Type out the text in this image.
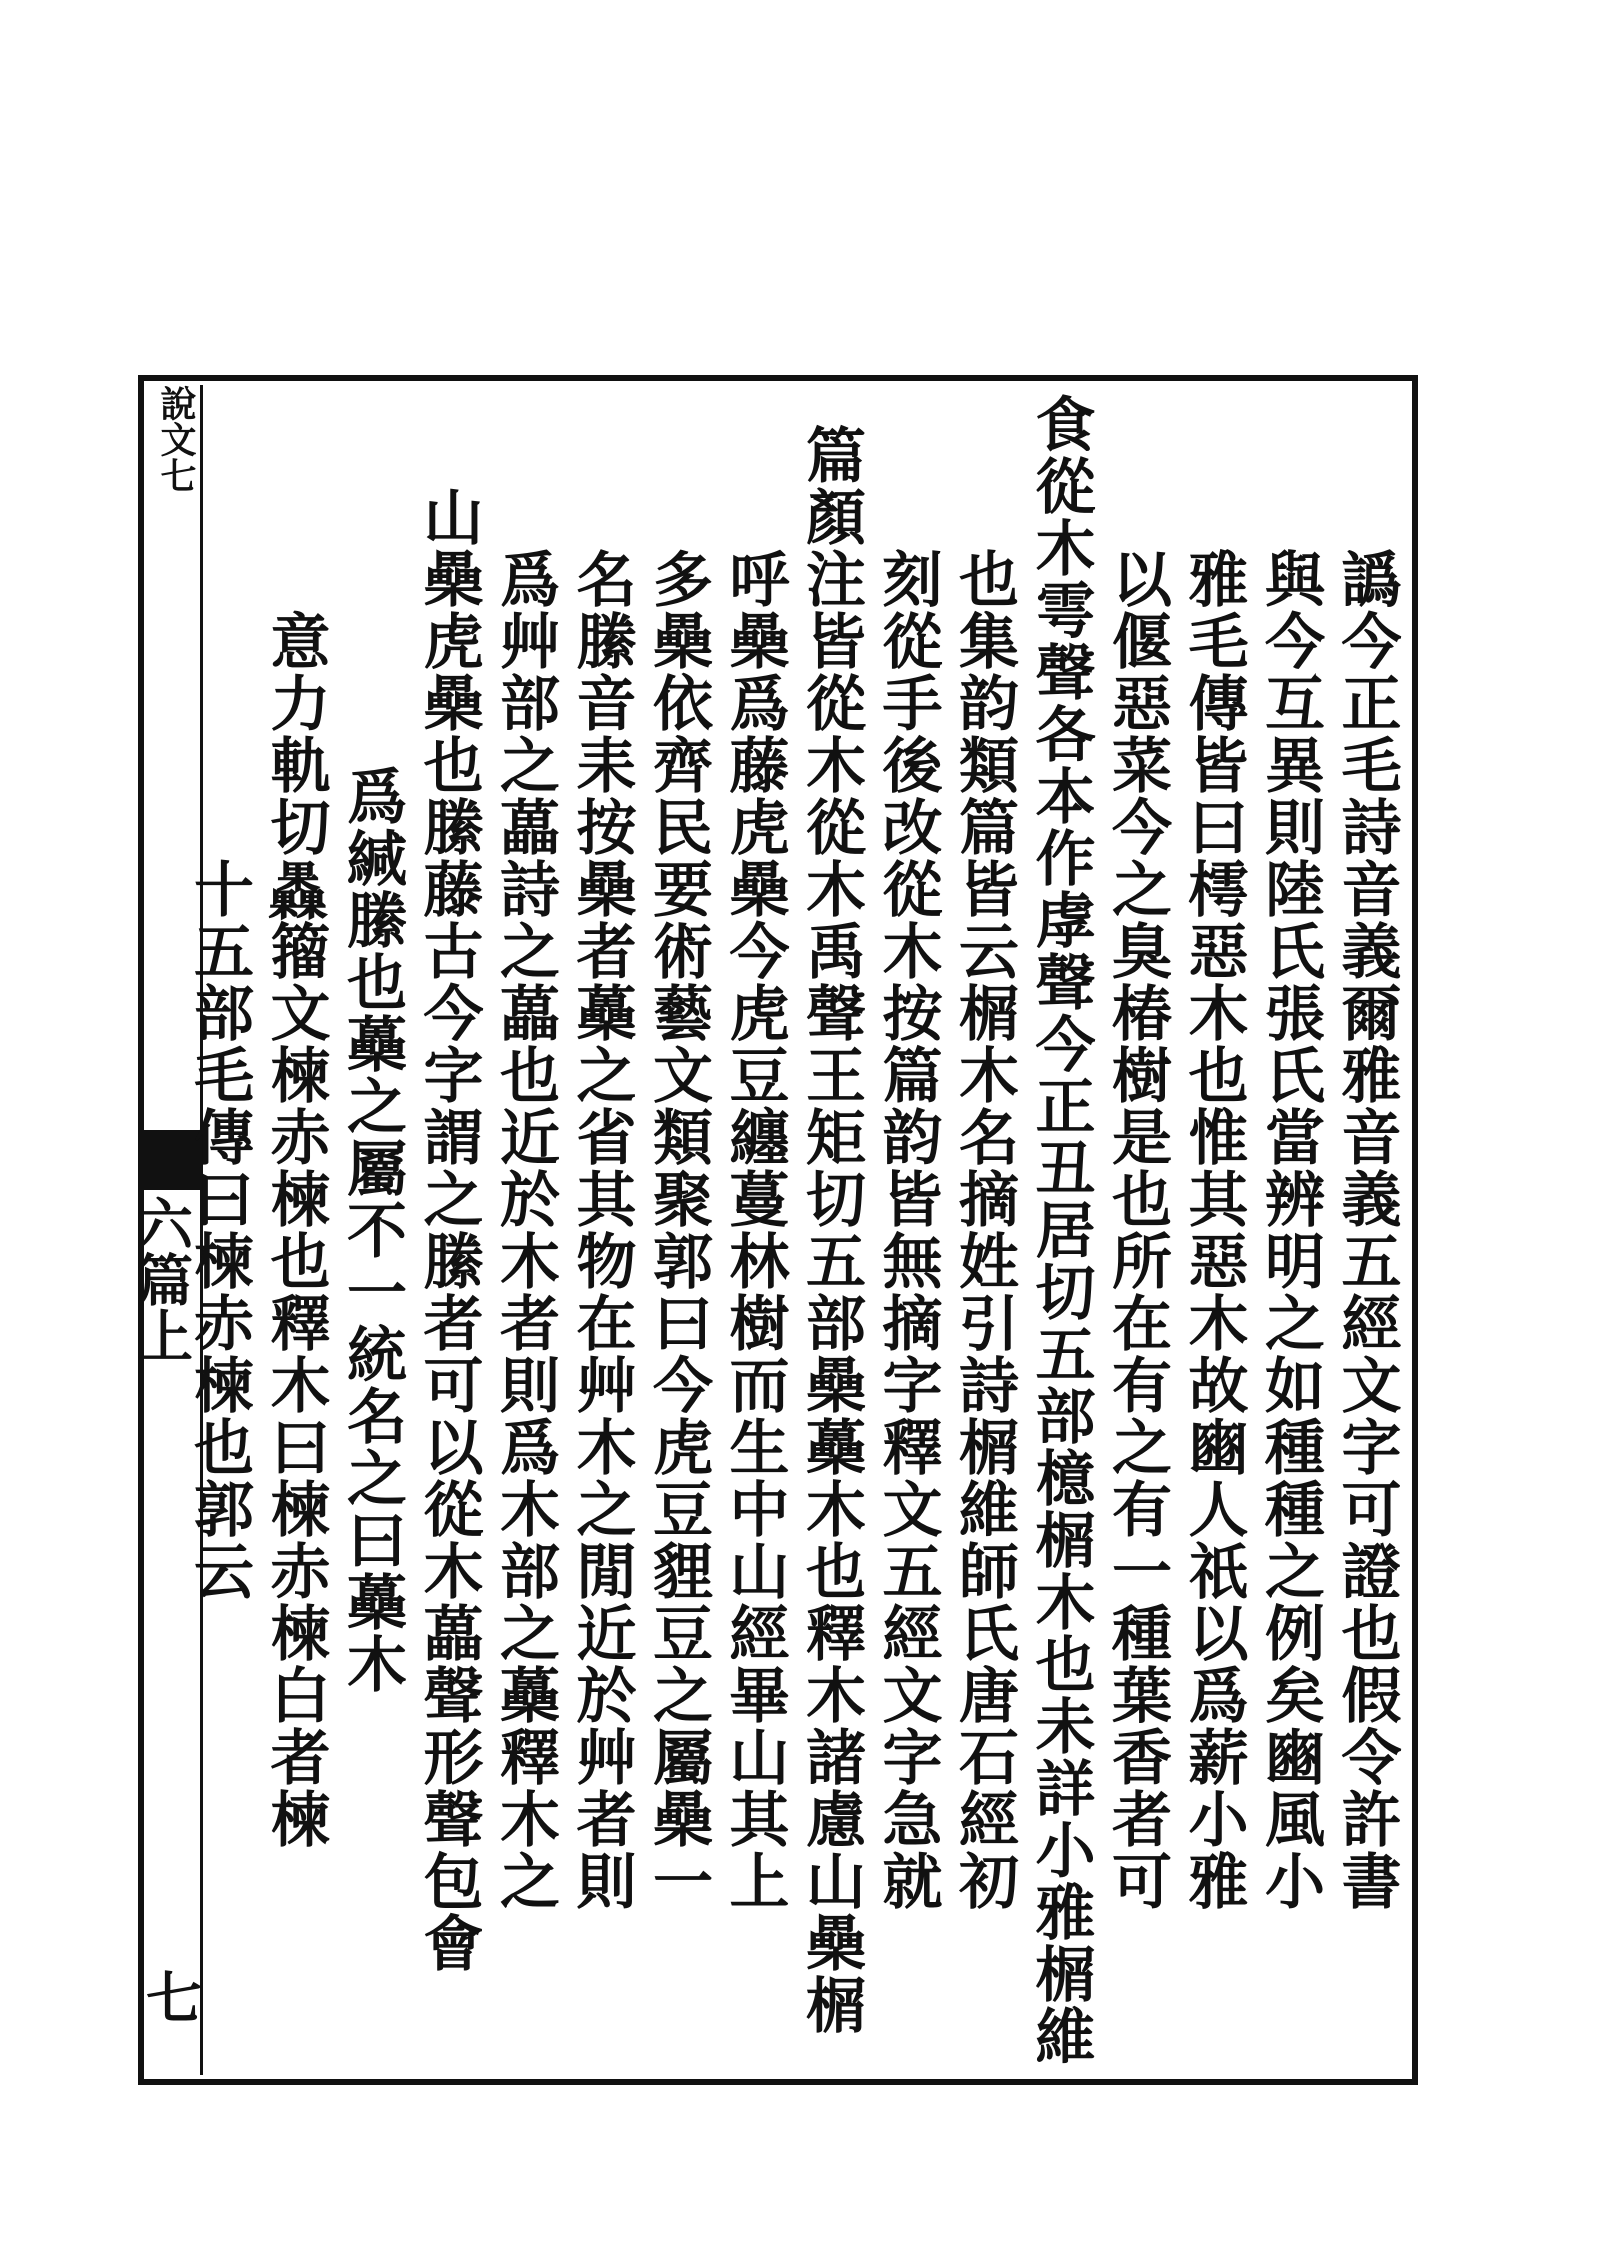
說文七
六篇上
七
譌今正毛詩音義爾雅音義五經文字可證也假令許書
與今互異則陸氏張氏當辨明之如種種之例矣豳風小
雅毛傳皆曰樗惡木也惟其惡木故豳人祇以爲薪小雅
以偃惡菜今之臭椿樹是也所在有之有一種葉香者可
食從木雩聲各本作虖聲今正丑居切五部檍榍木也未詳小雅榍維
也集韵類篇皆云榍木名摘姓引詩榍維師氏唐石經初
刻從手後改從木按篇韵皆無摘字釋文五經文字急就
篇顏注皆從木從木禹聲王矩切五部櫐蘽木也釋木諸慮山櫐榍
呼櫐爲藤虎櫐今虎豆纏蔓林樹而生中山經畢山其上
多櫐依齊民要術藝文類聚郭曰今虎豆貍豆之屬櫐一
名縢音耒按櫐者蘽之省其物在艸木之閒近於艸者則
爲艸部之藟詩之藟也近於木者則爲木部之蘽釋木之
山櫐虎櫐也縢藤古今字謂之縢者可以從木藟聲形聲包會
爲緘縢也蘽之屬不一統名之曰蘽木
意力軌切𣡗籀文楝赤楝也釋木曰楝赤楝白者楝
十五部毛傳曰楝赤楝也郭云
